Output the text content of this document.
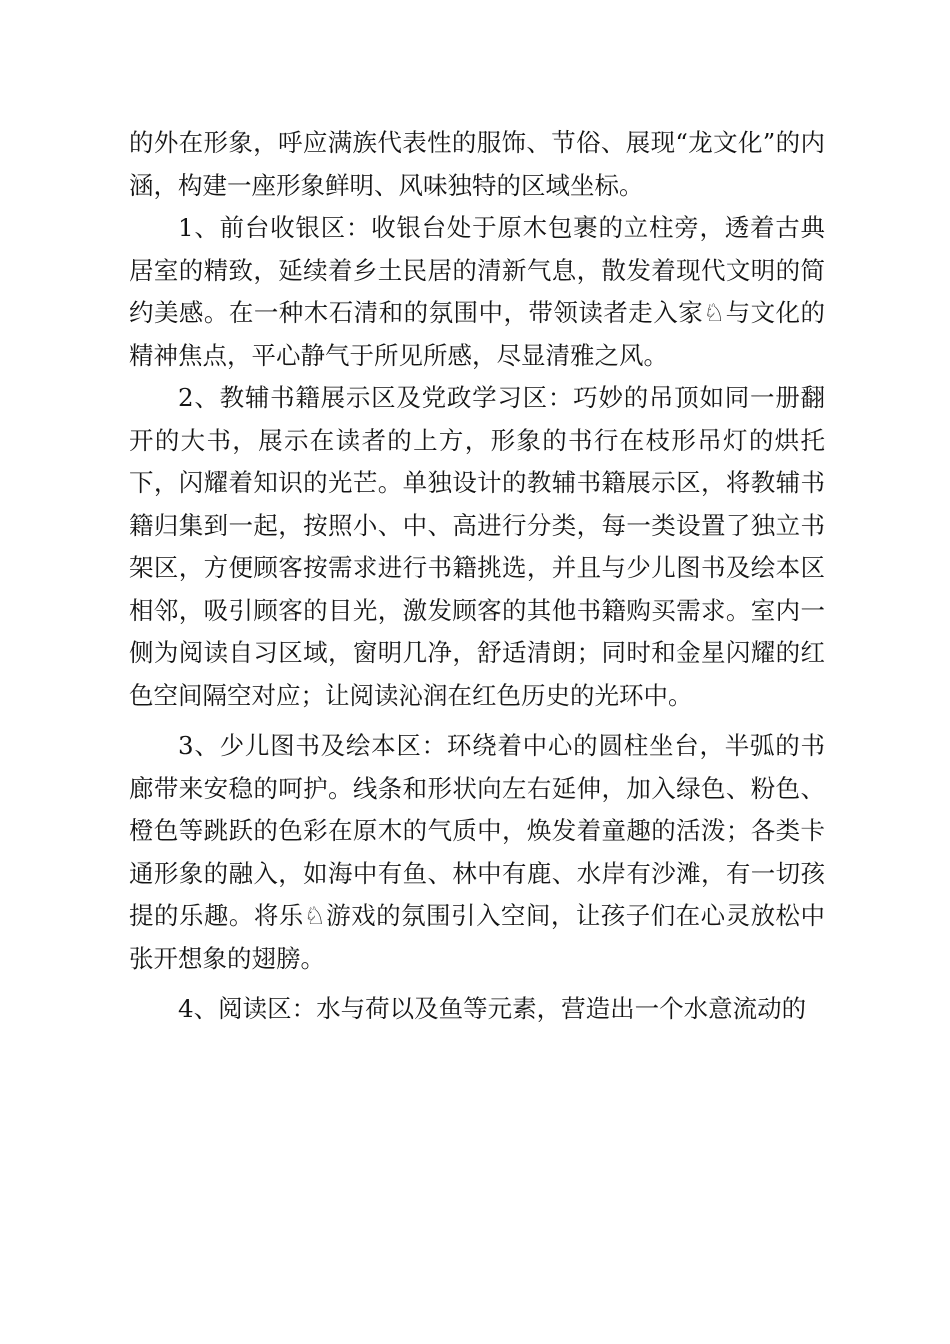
的外在形象，呼应满族代表性的服饰、节俗、展现“龙文化”的内涵，构建一座形象鲜明、风味独特的区域坐标。

1、前台收银区：收银台处于原木包裹的立柱旁，透着古典居室的精致，延续着乡土民居的清新气息，散发着现代文明的简约美感。在一种木石清和的氛围中，带领读者走入家♘与文化的精神焦点，平心静气于所见所感，尽显清雅之风。

2、教辅书籍展示区及党政学习区：巧妙的吊顶如同一册翻开的大书，展示在读者的上方，形象的书行在枝形吊灯的烘托下，闪耀着知识的光芒。单独设计的教辅书籍展示区，将教辅书籍归集到一起，按照小、中、高进行分类，每一类设置了独立书架区，方便顾客按需求进行书籍挑选，并且与少儿图书及绘本区相邻，吸引顾客的目光，激发顾客的其他书籍购买需求。室内一侧为阅读自习区域，窗明几净，舒适清朗；同时和金星闪耀的红色空间隔空对应；让阅读沁润在红色历史的光环中。

3、少儿图书及绘本区：环绕着中心的圆柱坐台，半弧的书廊带来安稳的呵护。线条和形状向左右延伸，加入绿色、粉色、橙色等跳跃的色彩在原木的气质中，焕发着童趣的活泼；各类卡通形象的融入，如海中有鱼、林中有鹿、水岸有沙滩，有一切孩提的乐趣。将乐♘游戏的氛围引入空间，让孩子们在心灵放松中张开想象的翅膀。

4、阅读区：水与荷以及鱼等元素，营造出一个水意流动的
